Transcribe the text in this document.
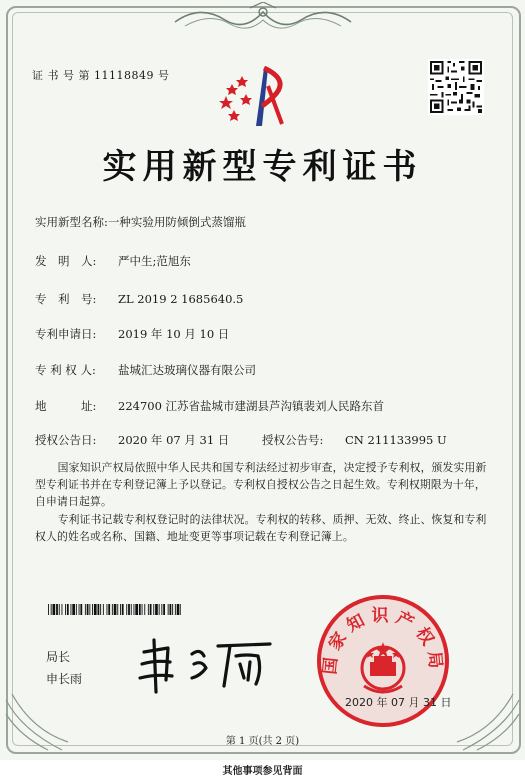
证 书 号 第 11118849 号
实用新型专利证书
实用新型名称:一种实验用防倾倒式蒸馏瓶
发　明　人: 严中生;范旭东
专　利　号: ZL 2019 2 1685640.5
专利申请日: 2019 年 10 月 10 日
专 利 权 人: 盐城汇达玻璃仪器有限公司
地　　　址: 224700 江苏省盐城市建湖县芦沟镇裴刘人民路东首
授权公告日: 2020 年 07 月 31 日	授权公告号: CN 211133995 U
国家知识产权局依照中华人民共和国专利法经过初步审查，决定授予专利权，颁发实用新型专利证书并在专利登记簿上予以登记。专利权自授权公告之日起生效。专利权期限为十年，自申请日起算。
专利证书记载专利权登记时的法律状况。专利权的转移、质押、无效、终止、恢复和专利权人的姓名或名称、国籍、地址变更等事项记载在专利登记簿上。
局长
申长雨
国家知识产权局
2020 年 07 月 31 日
第 1 页(共 2 页)
其他事项参见背面
